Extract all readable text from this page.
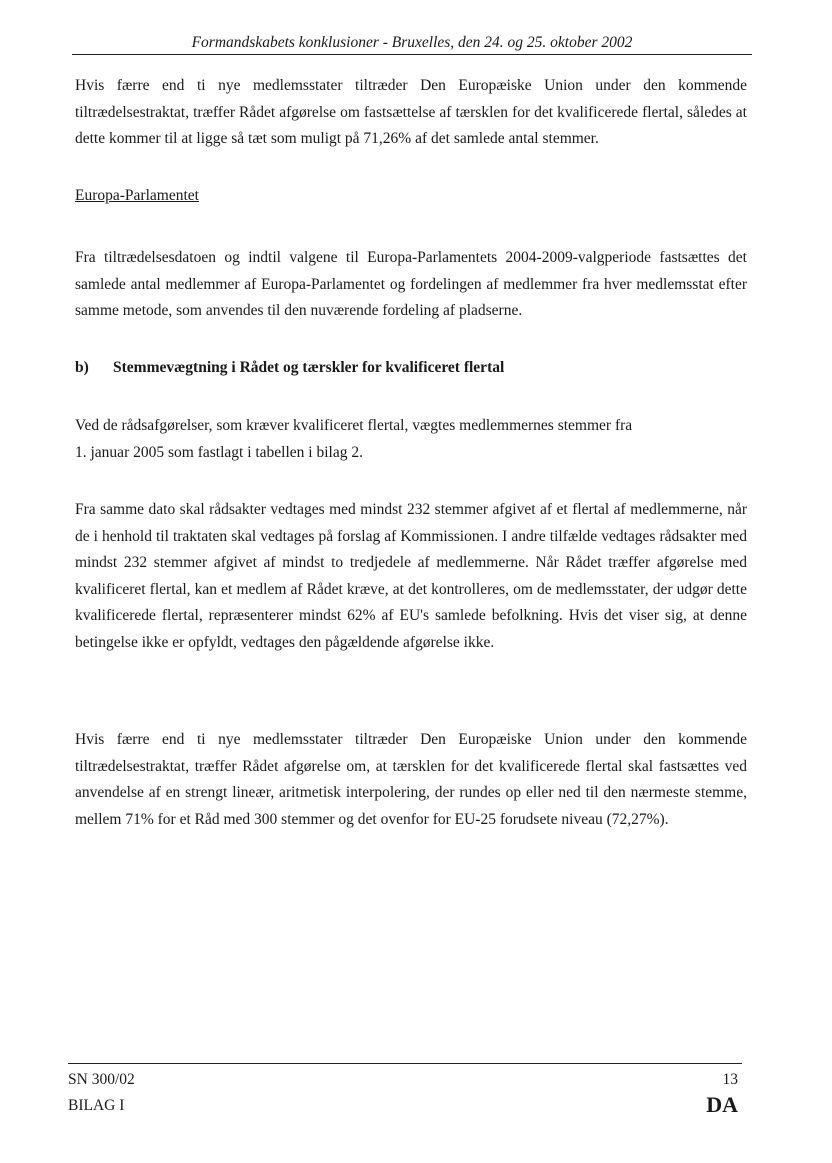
Formandskabets konklusioner - Bruxelles, den 24. og 25. oktober 2002

Hvis færre end ti nye medlemsstater tiltræder Den Europæiske Union under den kommende tiltrædelsestraktat, træffer Rådet afgørelse om fastsættelse af tærsklen for det kvalificerede flertal, således at dette kommer til at ligge så tæt som muligt på 71,26% af det samlede antal stemmer.

Europa-Parlamentet

Fra tiltrædelsesdatoen og indtil valgene til Europa-Parlamentets 2004-2009-valgperiode fastsættes det samlede antal medlemmer af Europa-Parlamentet og fordelingen af medlemmer fra hver medlemsstat efter samme metode, som anvendes til den nuværende fordeling af pladserne.

b) Stemmevægtning i Rådet og tærskler for kvalificeret flertal

Ved de rådsafgørelser, som kræver kvalificeret flertal, vægtes medlemmernes stemmer fra
1. januar 2005 som fastlagt i tabellen i bilag 2.

Fra samme dato skal rådsakter vedtages med mindst 232 stemmer afgivet af et flertal af medlemmerne, når de i henhold til traktaten skal vedtages på forslag af Kommissionen. I andre tilfælde vedtages rådsakter med mindst 232 stemmer afgivet af mindst to tredjedele af medlemmerne. Når Rådet træffer afgørelse med kvalificeret flertal, kan et medlem af Rådet kræve, at det kontrolleres, om de medlemsstater, der udgør dette kvalificerede flertal, repræsenterer mindst 62% af EU's samlede befolkning. Hvis det viser sig, at denne betingelse ikke er opfyldt, vedtages den pågældende afgørelse ikke.

Hvis færre end ti nye medlemsstater tiltræder Den Europæiske Union under den kommende tiltrædelsestraktat, træffer Rådet afgørelse om, at tærsklen for det kvalificerede flertal skal fastsættes ved anvendelse af en strengt lineær, aritmetisk interpolering, der rundes op eller ned til den nærmeste stemme, mellem 71% for et Råd med 300 stemmer og det ovenfor for EU-25 forudsete niveau (72,27%).

SN 300/02
BILAG I
13
DA
